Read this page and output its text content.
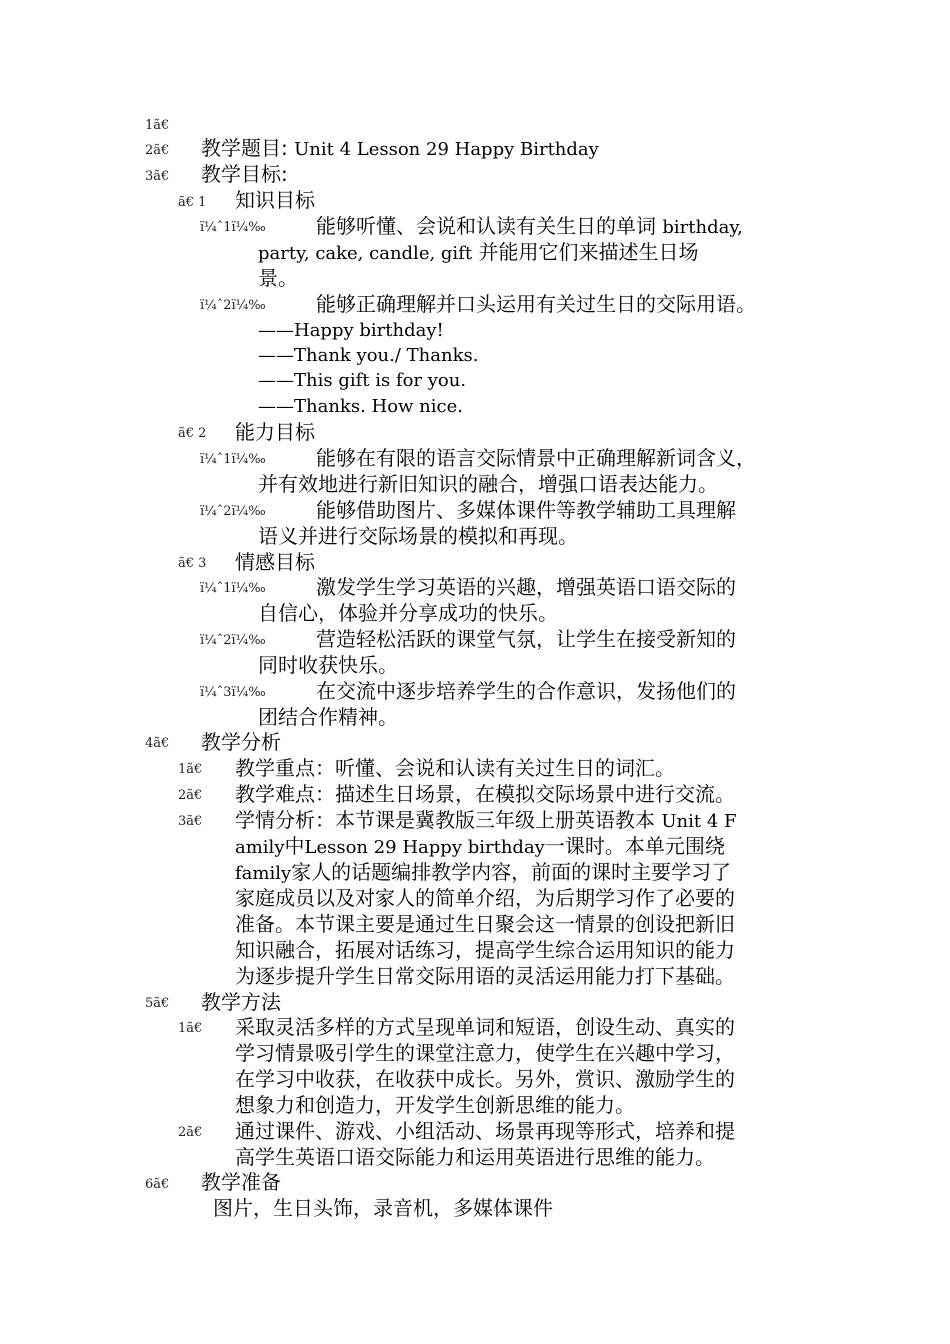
1ã€
2ã€ 教学题目: Unit 4 Lesson 29 Happy Birthday
3ã€ 教学目标:
ã€ 1 知识目标
ï¼ˆ1ï¼‰	能够听懂、会说和认读有关生日的单词 birthday,
party, cake, candle, gift 并能用它们来描述生日场
景。
ï¼ˆ2ï¼‰	能够正确理解并口头运用有关过生日的交际用语。
——Happy birthday!
——Thank you./ Thanks.
——This gift is for you.
——Thanks. How nice.
ã€ 2 能力目标
ï¼ˆ1ï¼‰	能够在有限的语言交际情景中正确理解新词含义，
并有效地进行新旧知识的融合，增强口语表达能力。
ï¼ˆ2ï¼‰	能够借助图片、多媒体课件等教学辅助工具理解
语义并进行交际场景的模拟和再现。
ã€ 3 情感目标
ï¼ˆ1ï¼‰	激发学生学习英语的兴趣，增强英语口语交际的
自信心，体验并分享成功的快乐。
ï¼ˆ2ï¼‰	营造轻松活跃的课堂气氛，让学生在接受新知的
同时收获快乐。
ï¼ˆ3ï¼‰	在交流中逐步培养学生的合作意识，发扬他们的
团结合作精神。
4ã€ 教学分析
1ã€ 教学重点：听懂、会说和认读有关过生日的词汇。
2ã€ 教学难点：描述生日场景，在模拟交际场景中进行交流。
3ã€ 学情分析：本节课是冀教版三年级上册英语教本 Unit 4 F
amily中Lesson 29 Happy birthday一课时。本单元围绕
family家人的话题编排教学内容，前面的课时主要学习了
家庭成员以及对家人的简单介绍，为后期学习作了必要的
准备。本节课主要是通过生日聚会这一情景的创设把新旧
知识融合，拓展对话练习，提高学生综合运用知识的能力
为逐步提升学生日常交际用语的灵活运用能力打下基础。
5ã€ 教学方法
1ã€ 采取灵活多样的方式呈现单词和短语，创设生动、真实的
学习情景吸引学生的课堂注意力，使学生在兴趣中学习，
在学习中收获，在收获中成长。另外，赏识、激励学生的
想象力和创造力，开发学生创新思维的能力。
2ã€ 通过课件、游戏、小组活动、场景再现等形式，培养和提
高学生英语口语交际能力和运用英语进行思维的能力。
6ã€ 教学准备
图片，生日头饰，录音机，多媒体课件
